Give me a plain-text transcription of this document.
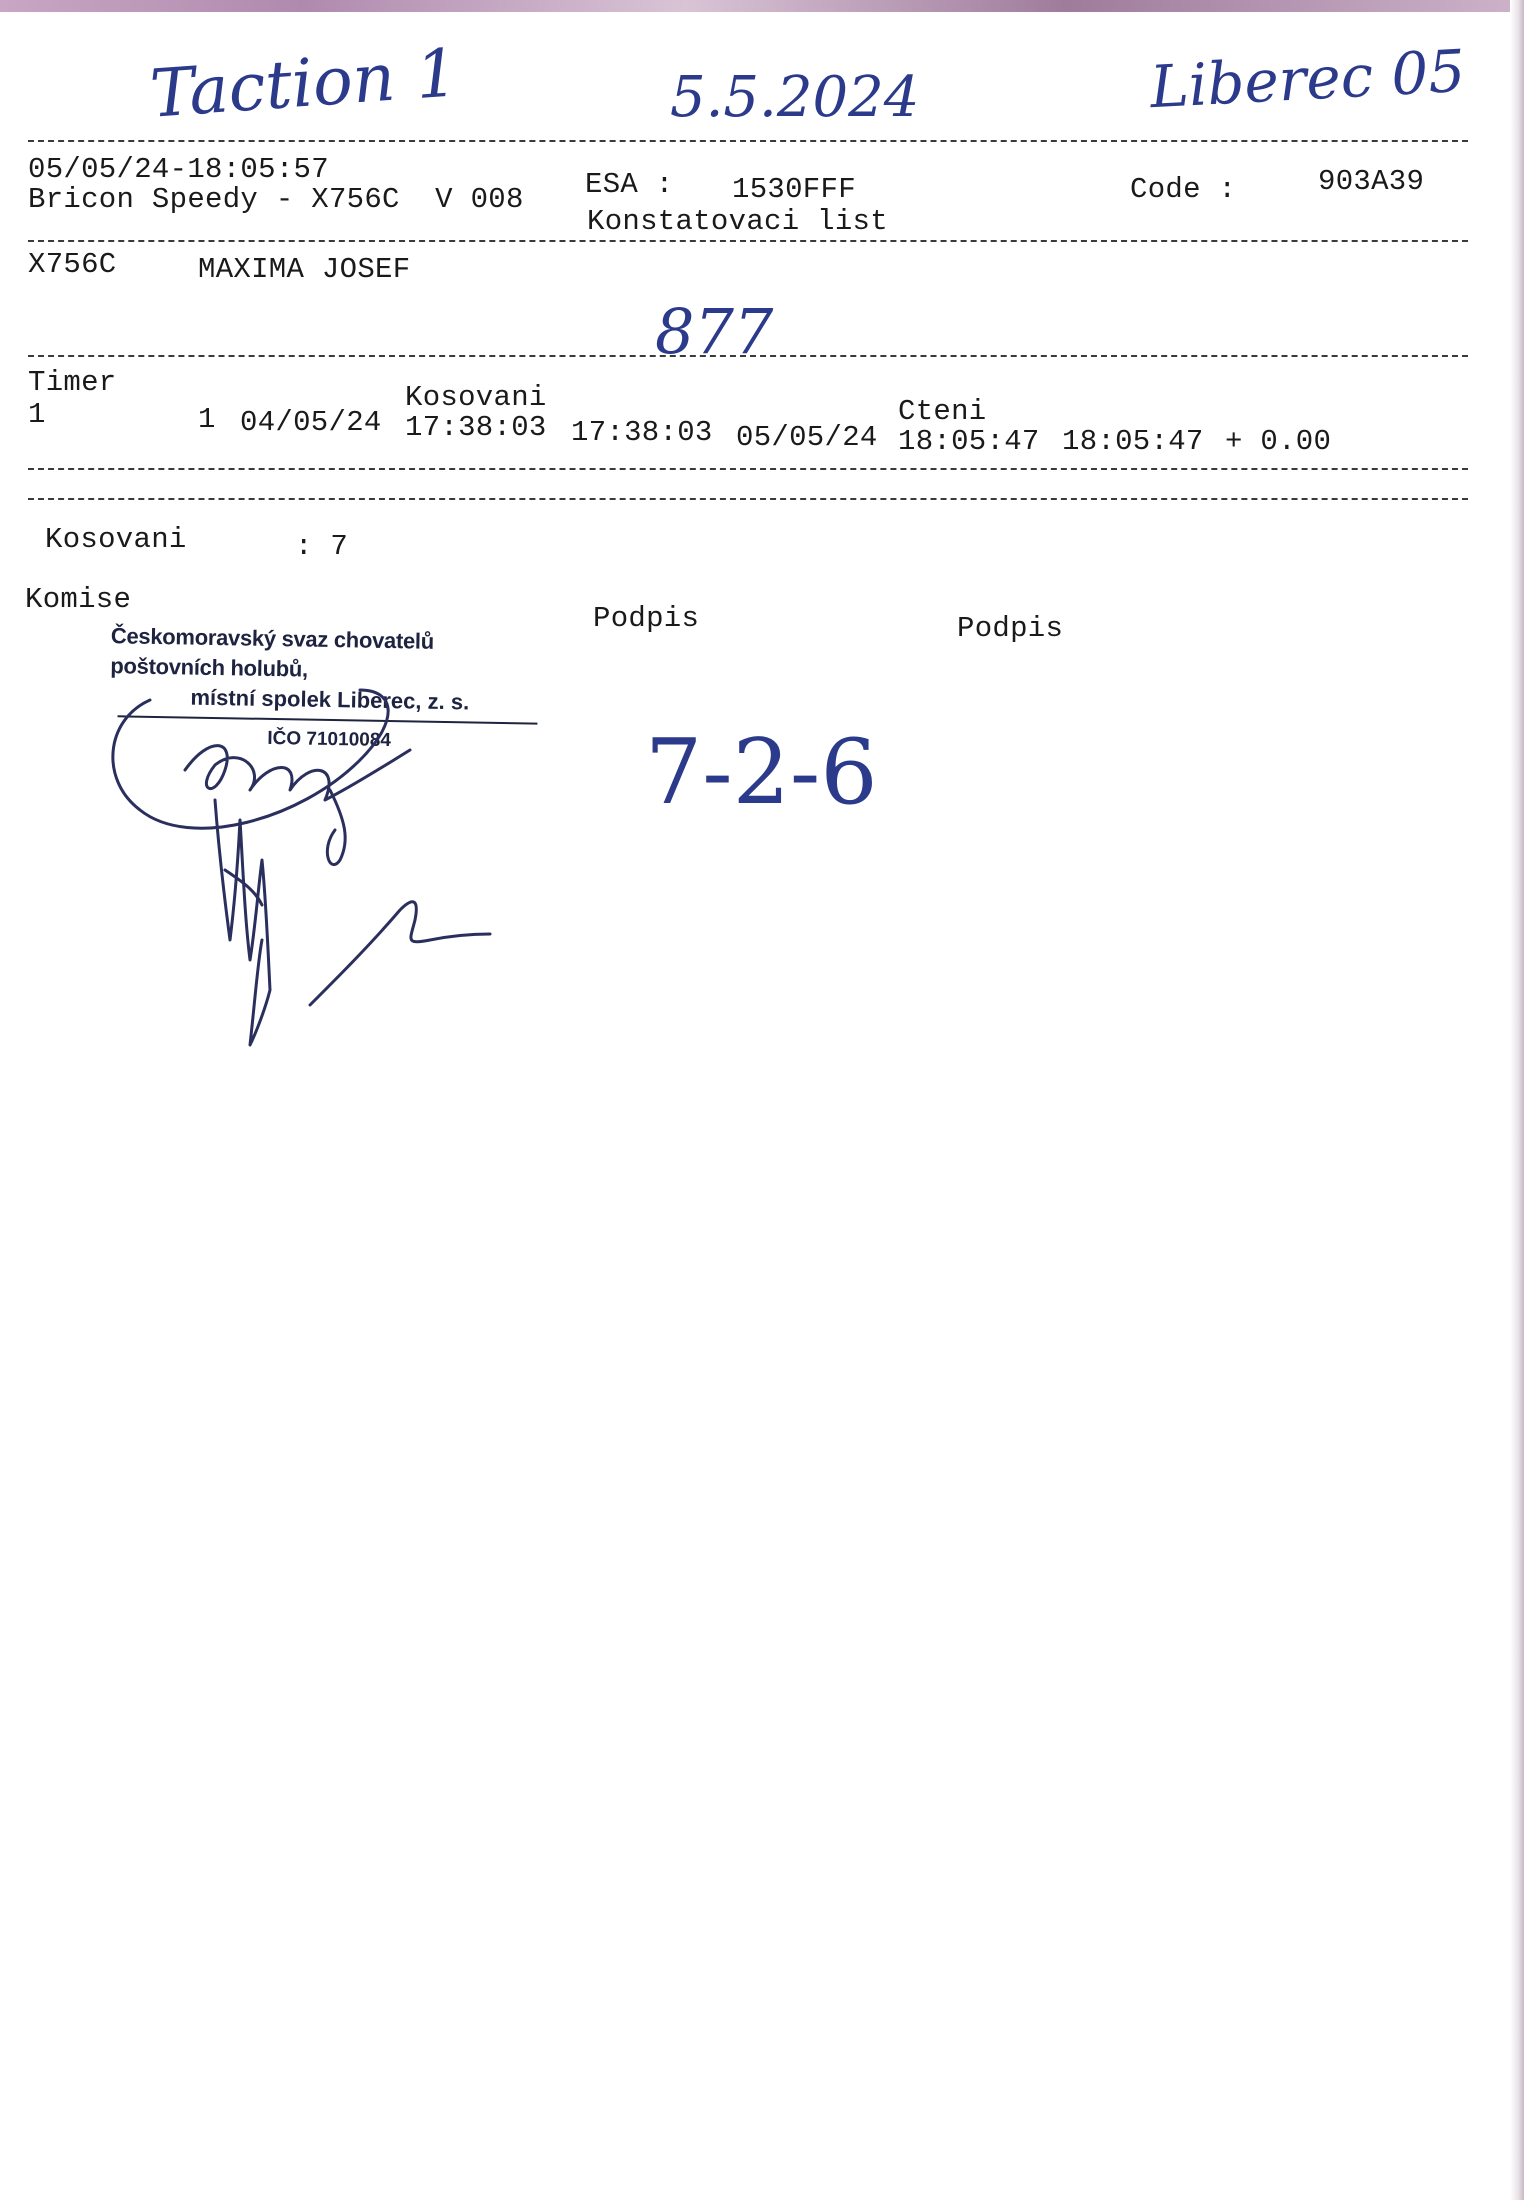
Taction 1	5.5.2024	Liberec 05
05/05/24-18:05:57
Bricon Speedy - X756C  V 008 ESA : 1530FFF
Konstatovaci list
Code :	903A39
X756C	MAXIMA JOSEF
877
Timer	Kosovani	Cteni
1	1 04/05/24 17:38:03 17:38:03 05/05/24 18:05:47 18:05:47 + 0.00
Kosovani	: 7
Komise
Podpis	Podpis
Českomoravský svaz chovatelů poštovních holubů,
místní spolek Liberec, z. s.
IČO 71010084	7-2-6
